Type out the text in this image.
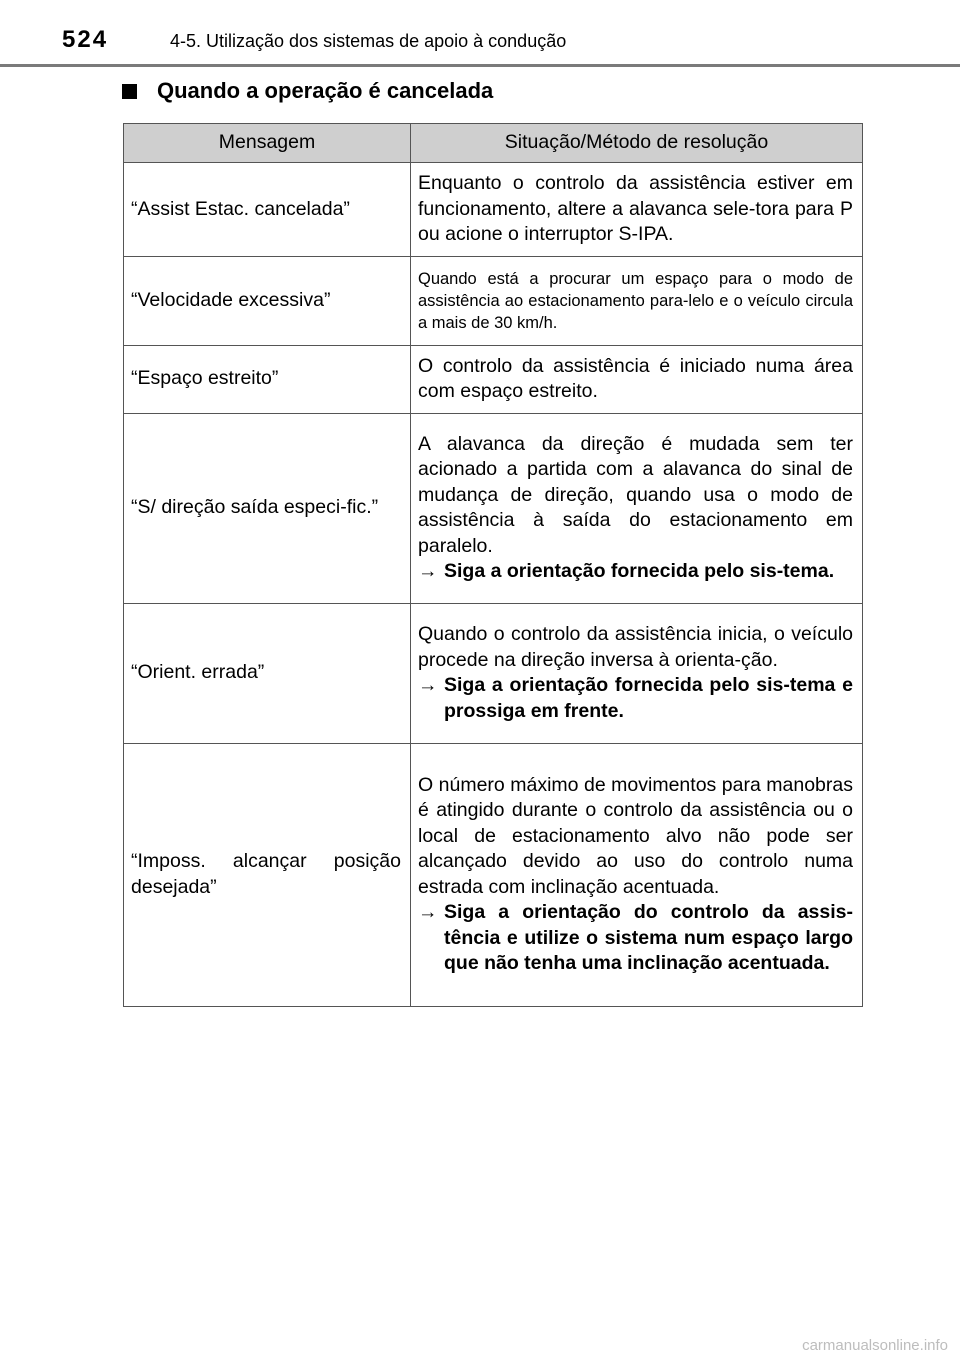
524	4-5. Utilização dos sistemas de apoio à condução
Quando a operação é cancelada
Mensagem	Situação/Método de resolução
“Assist Estac. cancelada”	Enquanto o controlo da assistência estiver em funcionamento, altere a alavanca sele-tora para P ou acione o interruptor S-IPA.
“Velocidade excessiva”	Quando está a procurar um espaço para o modo de assistência ao estacionamento para-lelo e o veículo circula a mais de 30 km/h.
“Espaço estreito”	O controlo da assistência é iniciado numa área com espaço estreito.
“S/ direção saída especi-fic.”	A alavanca da direção é mudada sem ter acionado a partida com a alavanca do sinal de mudança de direção, quando usa o modo de assistência à saída do estacionamento em paralelo.
→ Siga a orientação fornecida pelo sis-tema.

“Orient. errada”	Quando o controlo da assistência inicia, o veículo procede na direção inversa à orienta-ção.
→ Siga a orientação fornecida pelo sis-tema e prossiga em frente.

“Imposs. alcançar posição desejada”	O número máximo de movimentos para manobras é atingido durante o controlo da assistência ou o local de estacionamento alvo não pode ser alcançado devido ao uso do controlo numa estrada com inclinação acentuada.
→ Siga a orientação do controlo da assis-tência e utilize o sistema num espaço largo que não tenha uma inclinação acentuada.
carmanualsonline.info
